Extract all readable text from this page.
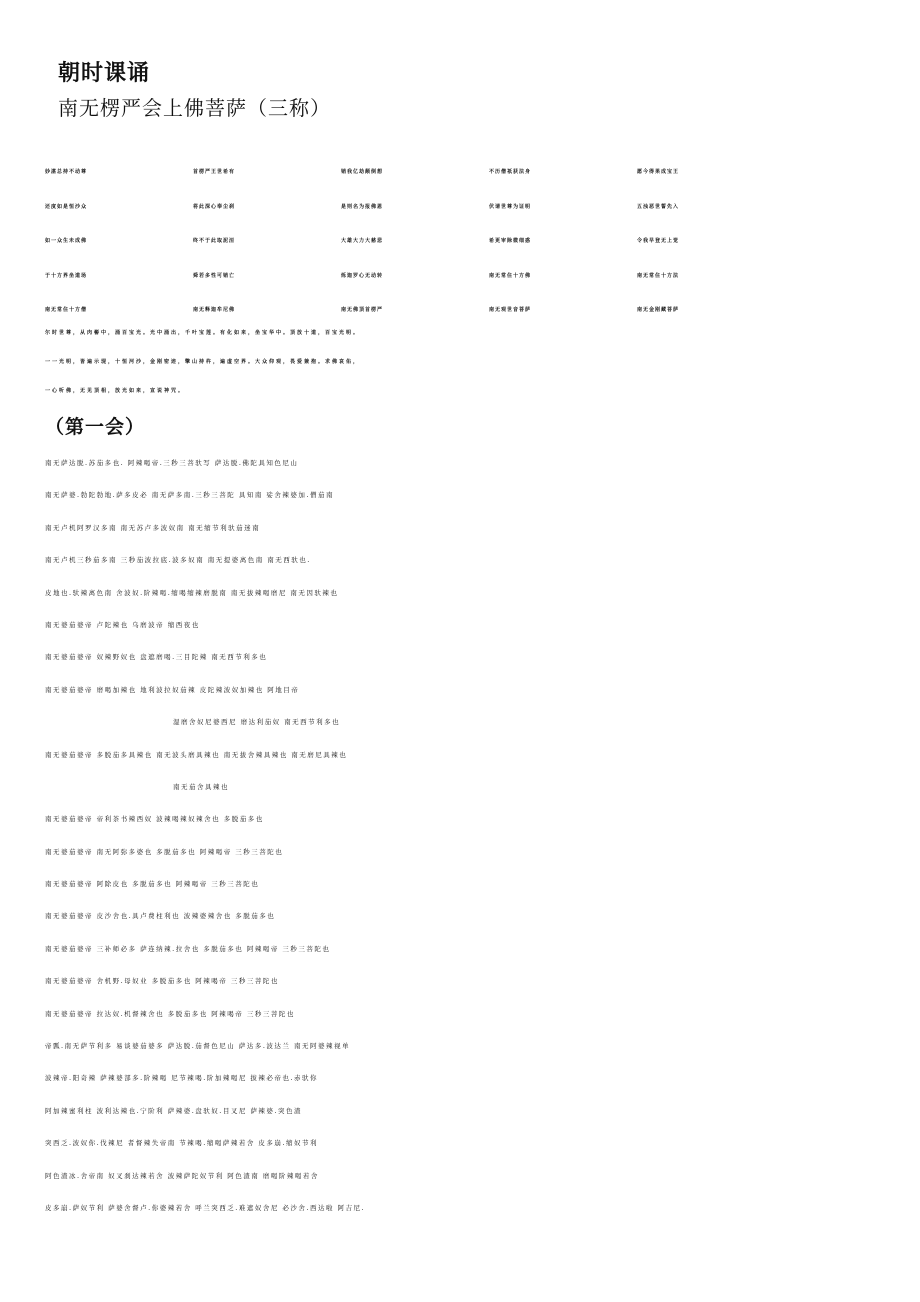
朝时课诵
南无楞严会上佛菩萨（三称）
妙湛总持不动尊	首楞严王世希有	销我亿劫颠倒想	不历僧祇获法身	愿今得果成宝王
还度如是恒沙众	将此深心奉尘刹	是则名为报佛恩	伏请世尊为证明	五浊恶世誓先入
如一众生未成佛	终不于此取泥洹	大雄大力大慈悲	希更审除微细惑	令我早登无上觉
于十方界坐道场	舜若多性可销亡	烁迦罗心无动转	南无常住十方佛	南无常住十方法
南无常住十方僧	南无释迦牟尼佛	南无佛顶首楞严	南无观世音菩萨	南无金刚藏菩萨
尔时世尊，从肉髻中，涌百宝光。光中涌出，千叶宝莲。有化如来，坐宝华中。顶放十道，百宝光明。
一一光明，皆遍示现，十恒河沙，金刚密迹，擎山持杵，遍虚空界。大众仰观，畏爱兼抱。求佛哀佑，
一心听佛，无见顶相，放光如来，宣说神咒。
（第一会）
南无萨达脱.苏茄多也. 阿辣喝帝.三秒三菩驮写 萨达脱.佛陀具知色尼山
南无萨婆.勃陀勃地.萨多皮必 南无萨多南.三秒三菩陀 具知南 娑舍辣婆加.僧茄南
南无卢机阿罗汉多南 南无苏卢多波奴南 南无缩节利驮茄迷南
南无卢机三秒茄多南 三秒茄波拉底.波多奴南 南无提婆离色南 南无西驮也.
皮地也.驮辣离色南 舍波奴.阶辣喝.缩喝缩辣磨脱南 南无拔辣喝磨尼 南无因驮辣也
南无婆茄婆帝 卢陀辣也 乌磨波帝 缩西夜也
南无婆茄婆帝 奴辣野奴也 盘遮磨喝.三目陀辣 南无西节利多也
南无婆茄婆帝 磨喝加辣也 地利波拉奴茄辣 皮陀辣波奴加辣也 阿地目帝
湿磨舍奴尼婆西尼 磨达利茄奴 南无西节利多也
南无婆茄婆帝 多脱茄多具辣也 南无波头磨具辣也 南无拔舍辣具辣也 南无磨尼具辣也
南无茄舍具辣也
南无婆茄婆帝 帝利茶书辣西奴 波辣喝辣奴辣舍也 多脱茄多也
南无婆茄婆帝 南无阿弥多婆也 多脱茄多也 阿辣喝帝 三秒三菩陀也
南无婆茄婆帝 阿除皮也 多脱茄多也 阿辣喝帝 三秒三菩陀也
南无婆茄婆帝 皮沙舍也.具卢费柱利也 波辣婆辣舍也 多脱茄多也
南无婆茄婆帝 三补师必多 萨连纳辣.拉舍也 多脱茄多也 阿辣喝帝 三秒三菩陀也
南无婆茄婆帝 舍机野.母奴业 多脱茄多也 阿辣喝帝 三秒三菩陀也
南无婆茄婆帝 拉达奴.机督辣舍也 多脱茄多也 阿辣喝帝 三秒三菩陀也
帝瓢.南无萨节利多 易谈婆茄婆多 萨达脱.茄督色尼山 萨达多.波达兰 南无阿婆辣视单
波辣帝.阳奇辣 萨辣婆部多.阶辣喝 尼节辣喝.阶加辣喝尼 拔辣必帝也.赤驮你
阿加辣蜜利柱 波利达辣也.宁阶利 萨辣婆.盘驮奴.目叉尼 萨辣婆.突色渣
突西乏.波奴你.伐辣尼 者督辣失帝南 节辣喝.缩喝萨辣若舍 皮多崩.缩奴节利
阿色渣冰.舍帝南 奴叉刹达辣若舍 波辣萨陀奴节利 阿色渣南 磨喝阶辣喝若舍
皮多崩.萨奴节利 萨婆舍督卢.你婆辣若舍 呼兰突西乏.难遮奴舍尼 必沙舍.西达啦 阿吉尼.
